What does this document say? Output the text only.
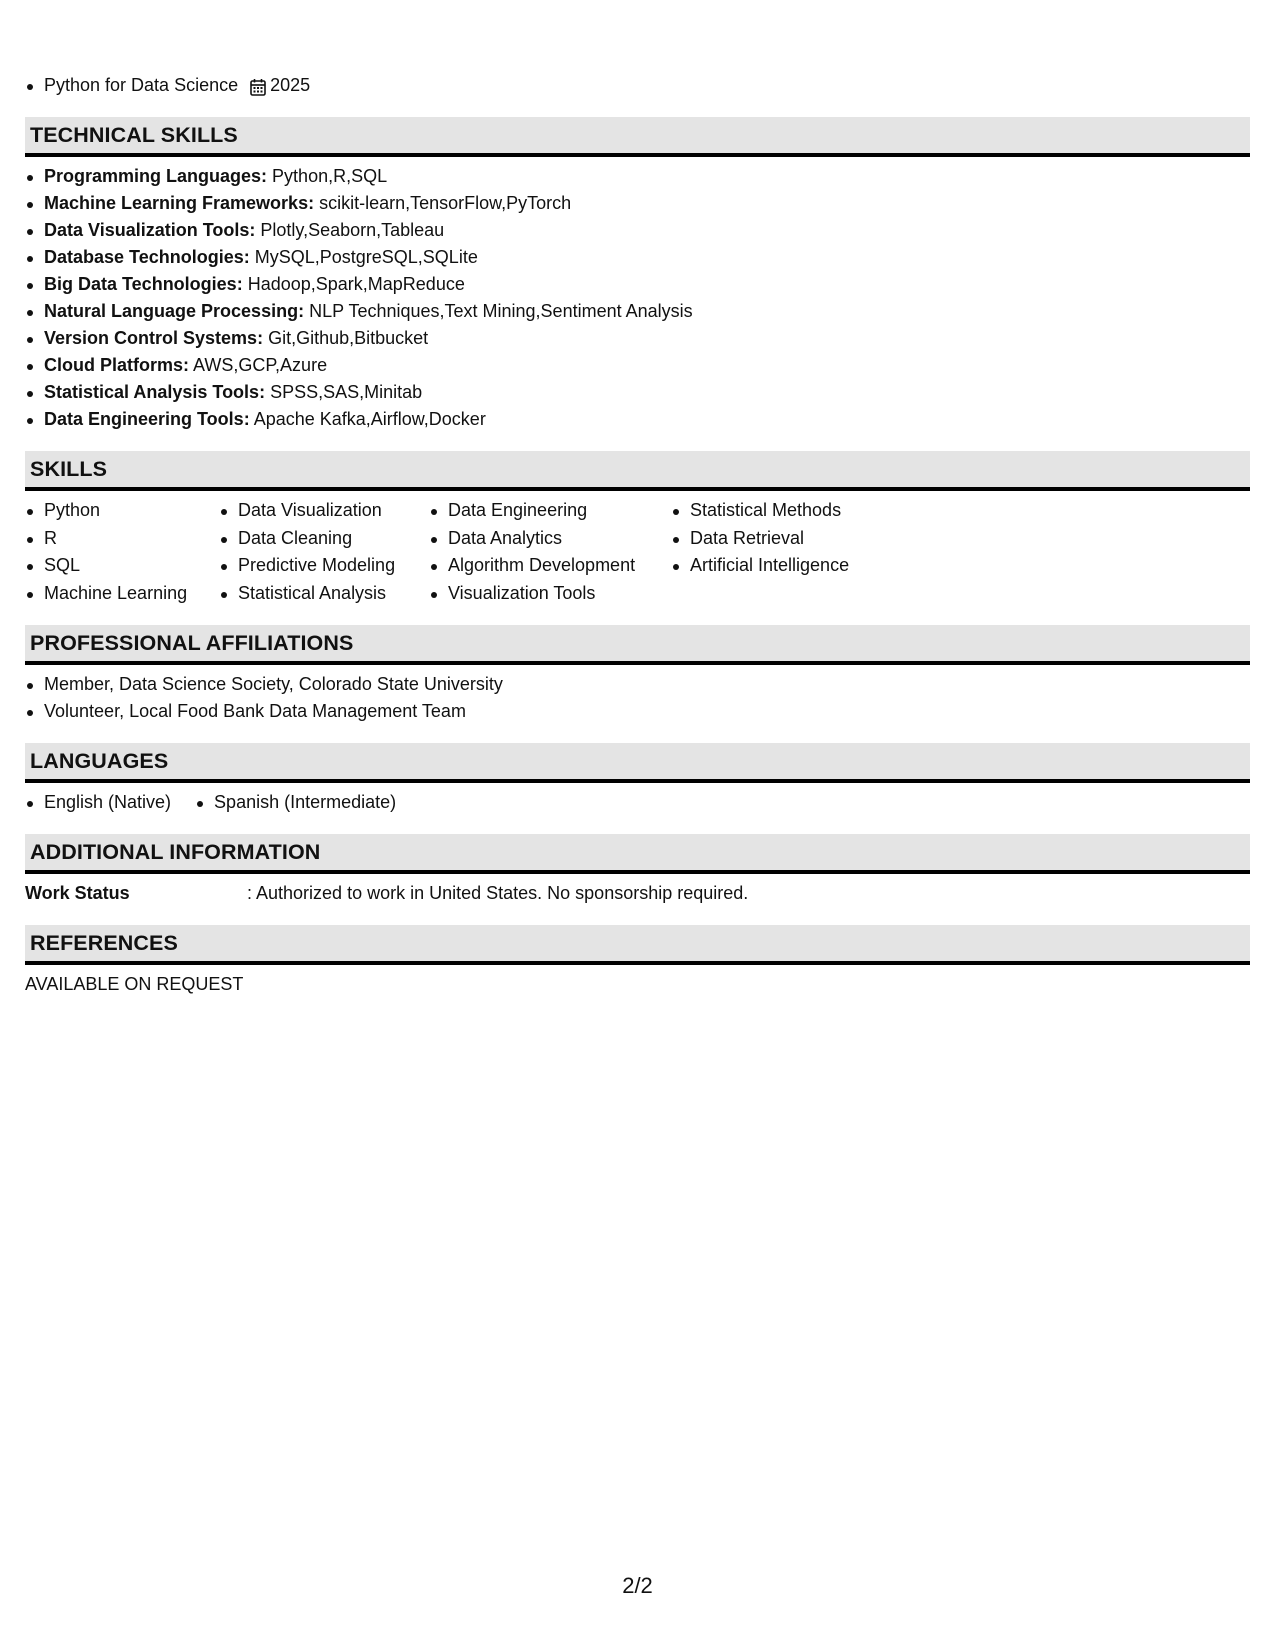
Python for Data Science 2025
TECHNICAL SKILLS
Programming Languages: Python,R,SQL
Machine Learning Frameworks: scikit-learn,TensorFlow,PyTorch
Data Visualization Tools: Plotly,Seaborn,Tableau
Database Technologies: MySQL,PostgreSQL,SQLite
Big Data Technologies: Hadoop,Spark,MapReduce
Natural Language Processing: NLP Techniques,Text Mining,Sentiment Analysis
Version Control Systems: Git,Github,Bitbucket
Cloud Platforms: AWS,GCP,Azure
Statistical Analysis Tools: SPSS,SAS,Minitab
Data Engineering Tools: Apache Kafka,Airflow,Docker
SKILLS
Python
R
SQL
Machine Learning
Data Visualization
Data Cleaning
Predictive Modeling
Statistical Analysis
Data Engineering
Data Analytics
Algorithm Development
Visualization Tools
Statistical Methods
Data Retrieval
Artificial Intelligence
PROFESSIONAL AFFILIATIONS
Member, Data Science Society, Colorado State University
Volunteer, Local Food Bank Data Management Team
LANGUAGES
English (Native)	Spanish (Intermediate)
ADDITIONAL INFORMATION
Work Status	: Authorized to work in United States. No sponsorship required.
REFERENCES
AVAILABLE ON REQUEST
2/2
